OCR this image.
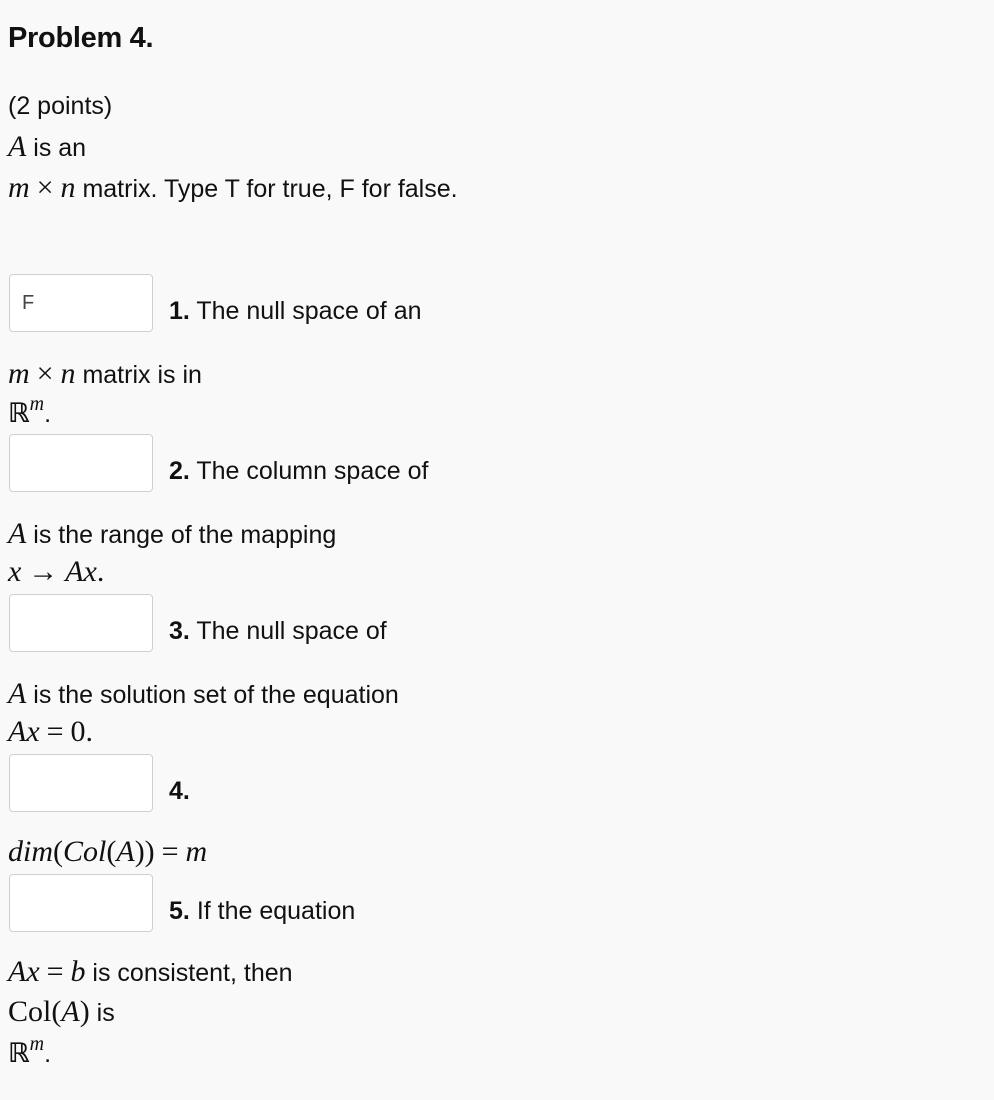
Problem 4.
(2 points)
A is an
m × n matrix. Type T for true, F for false.
F
1. The null space of an
m × n matrix is in
ℝ$^m$.
2. The column space of
A is the range of the mapping
x → Ax.
3. The null space of
A is the solution set of the equation
Ax = 0.
4.
dim(Col(A)) = m
5. If the equation
Ax = b is consistent, then
Col(A) is
ℝ$^m$.
